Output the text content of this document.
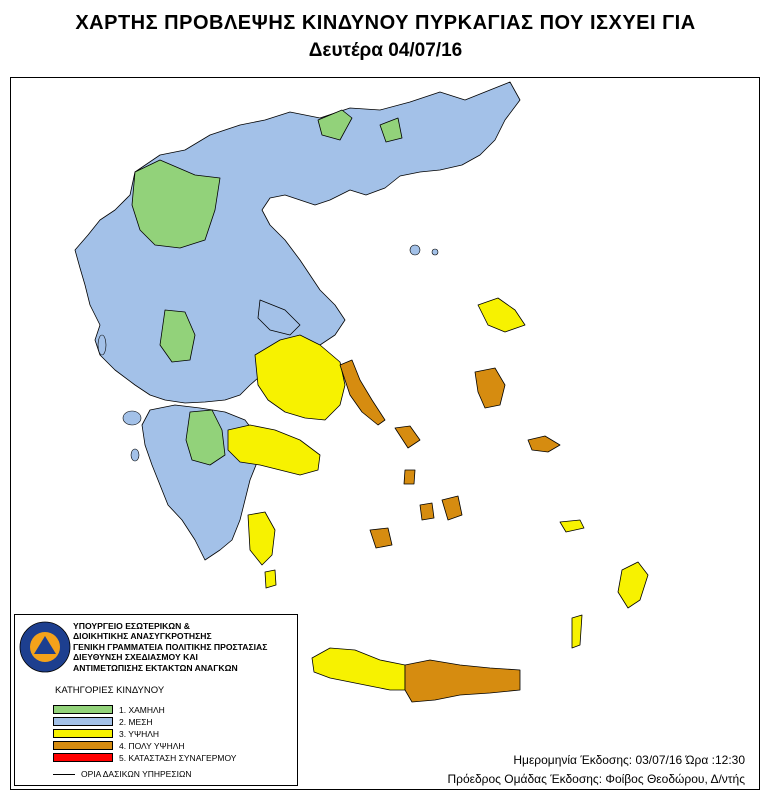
ΧΑΡΤΗΣ ΠΡΟΒΛΕΨΗΣ ΚΙΝΔΥΝΟΥ ΠΥΡΚΑΓΙΑΣ ΠΟΥ ΙΣΧΥΕΙ ΓΙΑ
Δευτέρα 04/07/16
ΥΠΟΥΡΓΕΙΟ ΕΣΩΤΕΡΙΚΩΝ &
ΔΙΟΙΚΗΤΙΚΗΣ ΑΝΑΣΥΓΚΡΟΤΗΣΗΣ
ΓΕΝΙΚΗ ΓΡΑΜΜΑΤΕΙΑ ΠΟΛΙΤΙΚΗΣ ΠΡΟΣΤΑΣΙΑΣ
ΔΙΕΥΘΥΝΣΗ ΣΧΕΔΙΑΣΜΟΥ ΚΑΙ
ΑΝΤΙΜΕΤΩΠΙΣΗΣ ΕΚΤΑΚΤΩΝ ΑΝΑΓΚΩΝ
ΚΑΤΗΓΟΡΙΕΣ ΚΙΝΔΥΝΟΥ
1. ΧΑΜΗΛΗ
2. ΜΕΣΗ
3. ΥΨΗΛΗ
4. ΠΟΛΥ ΥΨΗΛΗ
5. ΚΑΤΑΣΤΑΣΗ ΣΥΝΑΓΕΡΜΟΥ
ΟΡΙΑ ΔΑΣΙΚΩΝ ΥΠΗΡΕΣΙΩΝ
Ημερομηνία Έκδοσης: 03/07/16 Ώρα :12:30
Πρόεδρος Ομάδας Έκδοσης: Φοίβος Θεοδώρου, Δ/ντής
